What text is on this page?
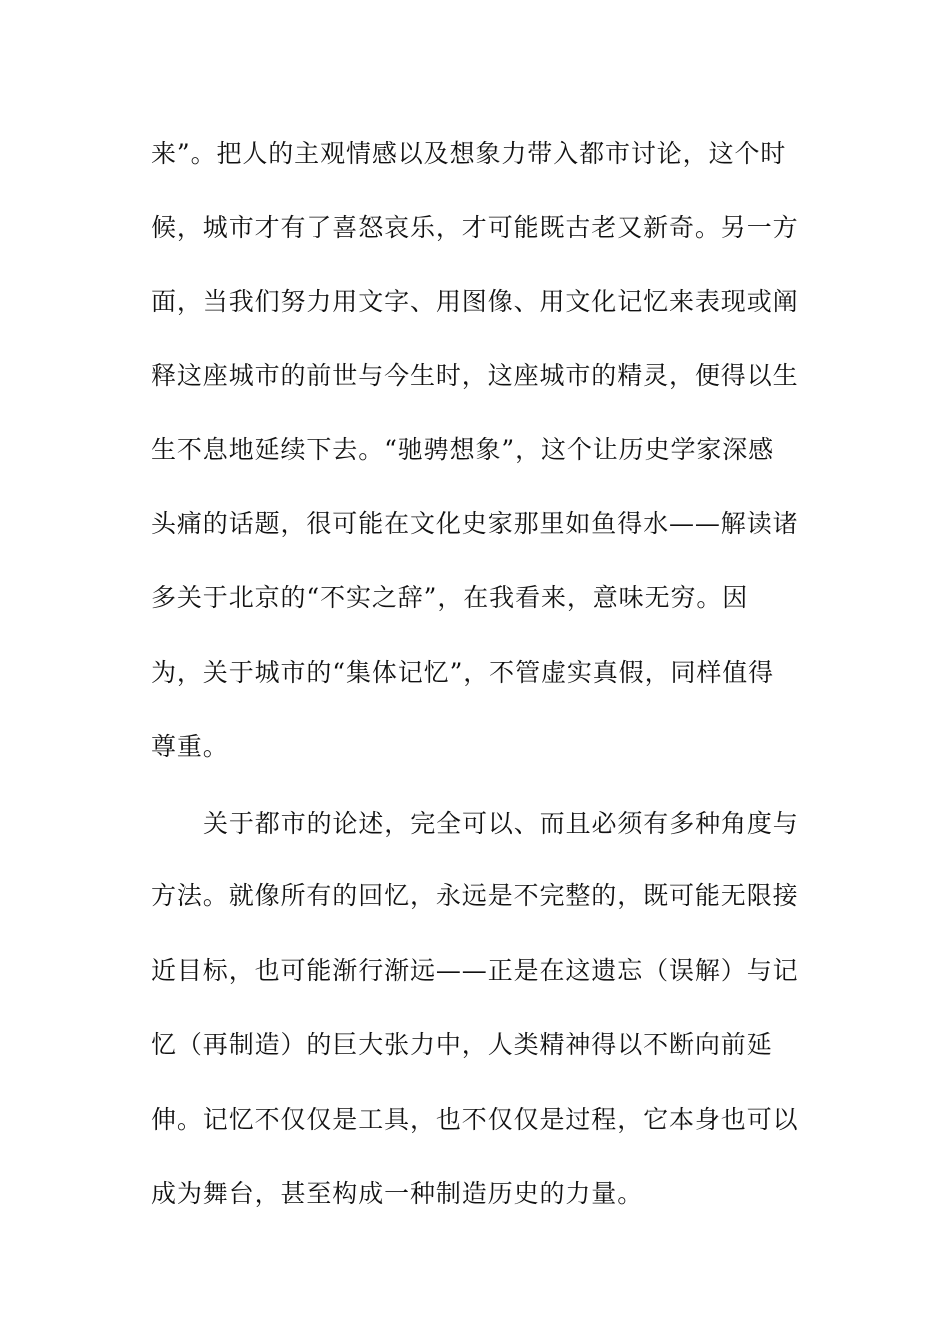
来”。把人的主观情感以及想象力带入都市讨论，这个时
候，城市才有了喜怒哀乐，才可能既古老又新奇。另一方
面，当我们努力用文字、用图像、用文化记忆来表现或阐
释这座城市的前世与今生时，这座城市的精灵，便得以生
生不息地延续下去。“驰骋想象”，这个让历史学家深感
头痛的话题，很可能在文化史家那里如鱼得水——解读诸
多关于北京的“不实之辞”，在我看来，意味无穷。因
为，关于城市的“集体记忆”，不管虚实真假，同样值得
尊重。
关于都市的论述，完全可以、而且必须有多种角度与
方法。就像所有的回忆，永远是不完整的，既可能无限接
近目标，也可能渐行渐远——正是在这遗忘（误解）与记
忆（再制造）的巨大张力中，人类精神得以不断向前延
伸。记忆不仅仅是工具，也不仅仅是过程，它本身也可以
成为舞台，甚至构成一种制造历史的力量。
